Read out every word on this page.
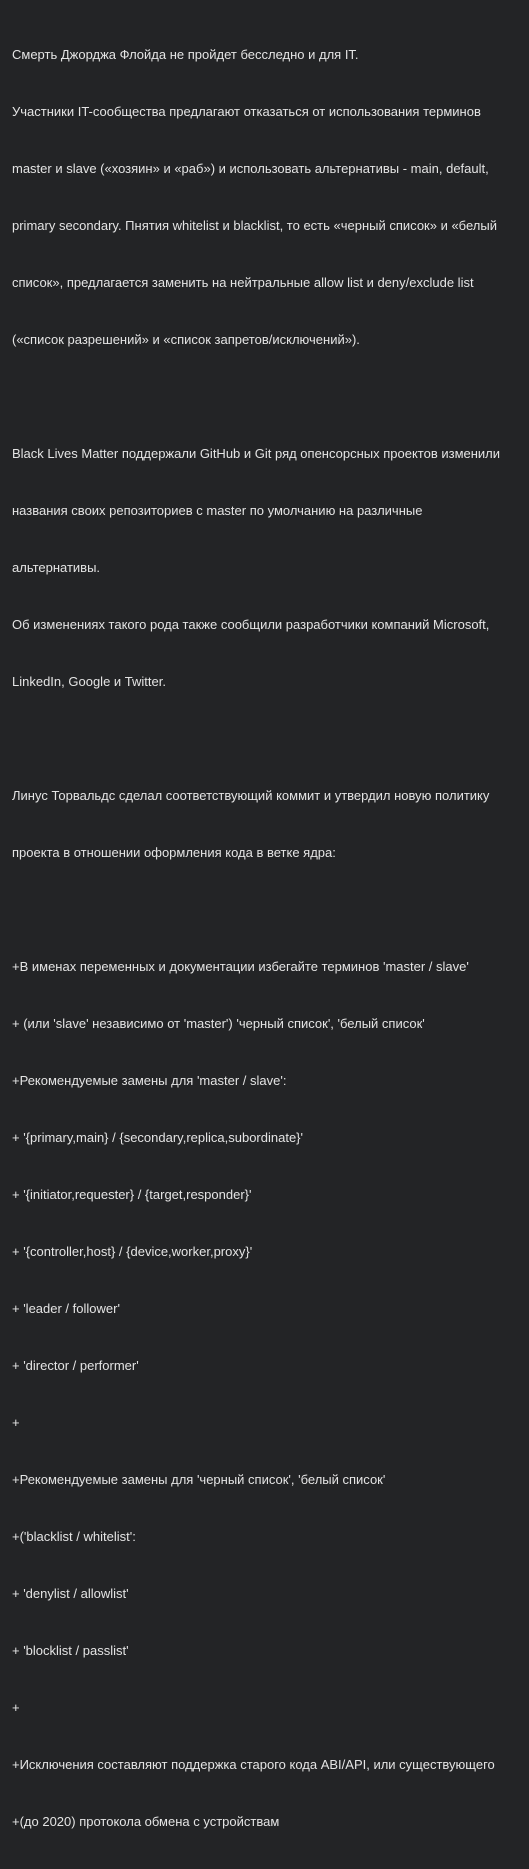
Смерть Джорджа Флойда не пройдет бесследно и для IT.

Участники IT-сообщества предлагают отказаться от использования терминов

master и slave («хозяин» и «раб») и использовать альтернативы - main, default,

primary secondary. Пнятия whitelist и blacklist, то есть «черный список» и «белый

список», предлагается заменить на нейтральные allow list и deny/exclude list

(«список разрешений» и «список запретов/исключений»).

Black Lives Matter поддержали GitHub и Git ряд опенсорсных проектов изменили

названия своих репозиториев с master по умолчанию на различные

альтернативы.

Об изменениях такого рода также сообщили разработчики компаний Microsoft,

LinkedIn, Google и Twitter.

Линус Торвальдс сделал соответствующий коммит и утвердил новую политику

проекта в отношении оформления кода в ветке ядра:

+В именах переменных и документации избегайте терминов 'master / slave'

+ (или 'slave' независимо от 'master') 'черный список', 'белый список'

+Рекомендуемые замены для 'master / slave':

+ '{primary,main} / {secondary,replica,subordinate}'

+ '{initiator,requester} / {target,responder}'

+ '{controller,host} / {device,worker,proxy}'

+ 'leader / follower'

+ 'director / performer'

+

+Рекомендуемые замены для 'черный список', 'белый список'

+('blacklist / whitelist':

+ 'denylist / allowlist'

+ 'blocklist / passlist'

+

+Исключения составляют поддержка старого кода ABI/API, или существующего

+(до 2020) протокола обмена с устройствам
